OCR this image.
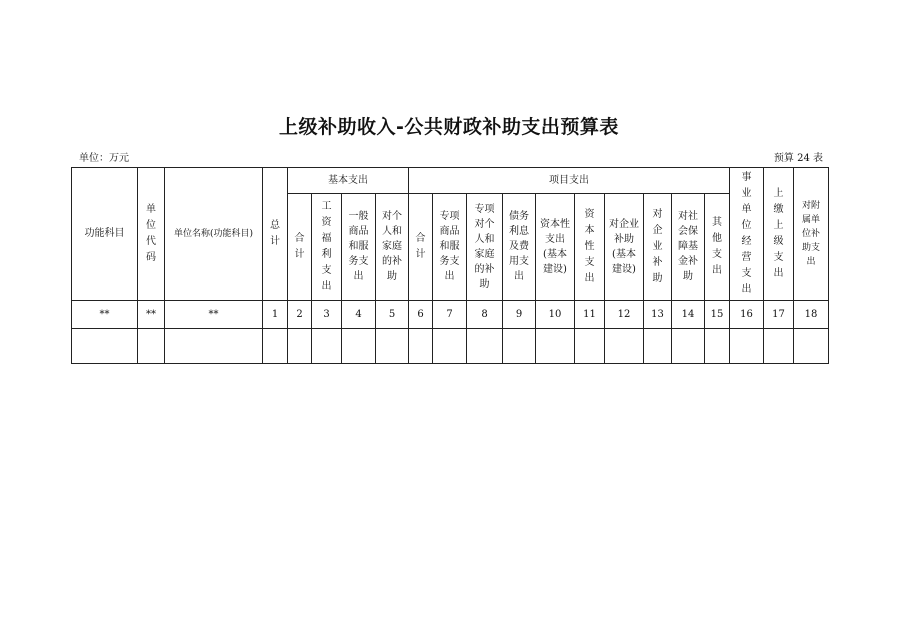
上级补助收入-公共财政补助支出预算表
单位：万元	预算 24 表
功能科目	单位代码	单位名称(功能科目)	总计	基本支出				项目支出										事业单位经营支出	上缴上级支出	对附属单位补助支出
				合计	工资福利支出	一般商品和服务支出	对个人和家庭的补助	合计	专项商品和服务支出	专项对个人和家庭的补助	债务利息及费用支出	资本性支出(基本建设)	资本性支出	对企业补助(基本建设)	对企业补助	对社会保障基金补助	其他支出			
**	**	**	1	2	3	4	5	6	7	8	9	10	11	12	13	14	15	16	17	18
